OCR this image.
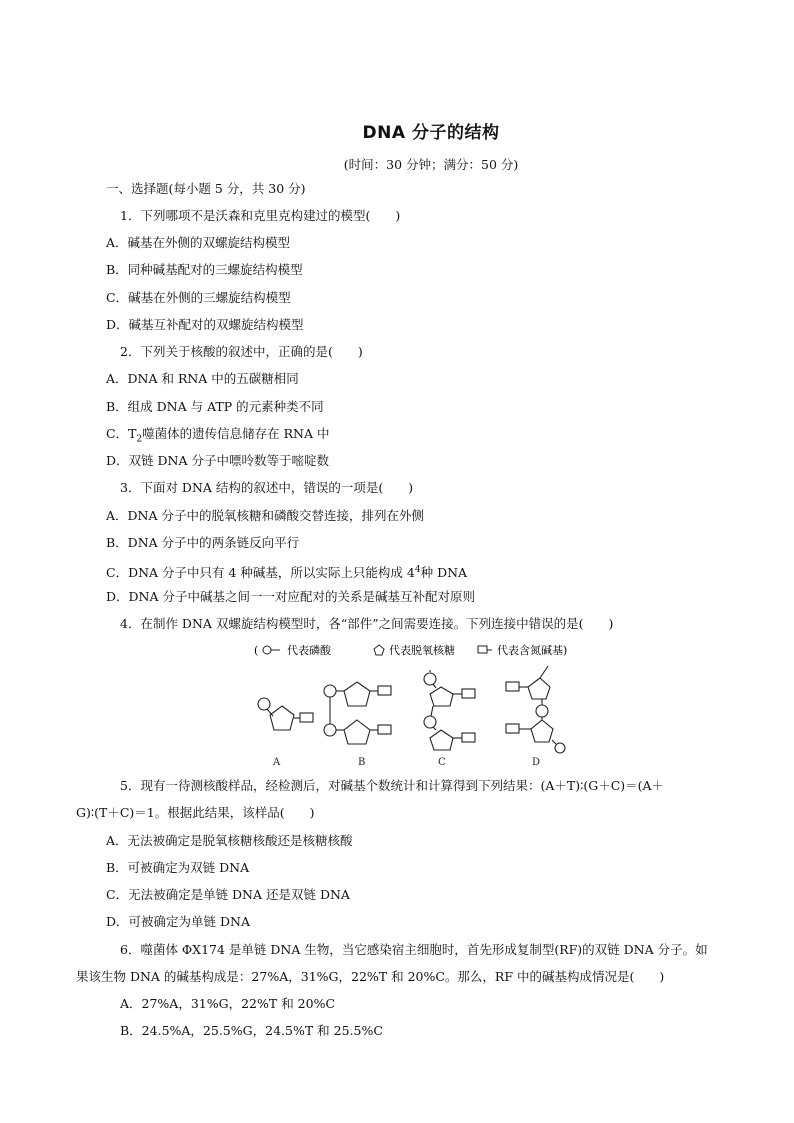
DNA 分子的结构
(时间：30 分钟；满分：50 分)
一、选择题(每小题 5 分，共 30 分)
1．下列哪项不是沃森和克里克构建过的模型(　　)
A．碱基在外侧的双螺旋结构模型
B．同种碱基配对的三螺旋结构模型
C．碱基在外侧的三螺旋结构模型
D．碱基互补配对的双螺旋结构模型
2．下列关于核酸的叙述中，正确的是(　　)
A．DNA 和 RNA 中的五碳糖相同
B．组成 DNA 与 ATP 的元素种类不同
C．$T_2$噬菌体的遗传信息储存在 RNA 中
D．双链 DNA 分子中嘌呤数等于嘧啶数
3．下面对 DNA 结构的叙述中，错误的一项是(　　)
A．DNA 分子中的脱氧核糖和磷酸交替连接，排列在外侧
B．DNA 分子中的两条链反向平行
C．DNA 分子中只有 4 种碱基，所以实际上只能构成 $4^4$种 DNA
D．DNA 分子中碱基之间一一对应配对的关系是碱基互补配对原则
4．在制作 DNA 双螺旋结构模型时，各“部件”之间需要连接。下列连接中错误的是(　　)
(	代表磷酸	代表脱氧核糖	代表含氮碱基)
A	B	C	D
5．现有一待测核酸样品，经检测后，对碱基个数统计和计算得到下列结果：(A＋T)∶(G＋C)＝(A＋
G)∶(T＋C)＝1。根据此结果，该样品(　　)
A．无法被确定是脱氧核糖核酸还是核糖核酸
B．可被确定为双链 DNA
C．无法被确定是单链 DNA 还是双链 DNA
D．可被确定为单链 DNA
6．噬菌体 ΦX174 是单链 DNA 生物，当它感染宿主细胞时，首先形成复制型(RF)的双链 DNA 分子。如
果该生物 DNA 的碱基构成是：27%A，31%G，22%T 和 20%C。那么，RF 中的碱基构成情况是(　　)
A．27%A，31%G，22%T 和 20%C
B．24.5%A，25.5%G，24.5%T 和 25.5%C
